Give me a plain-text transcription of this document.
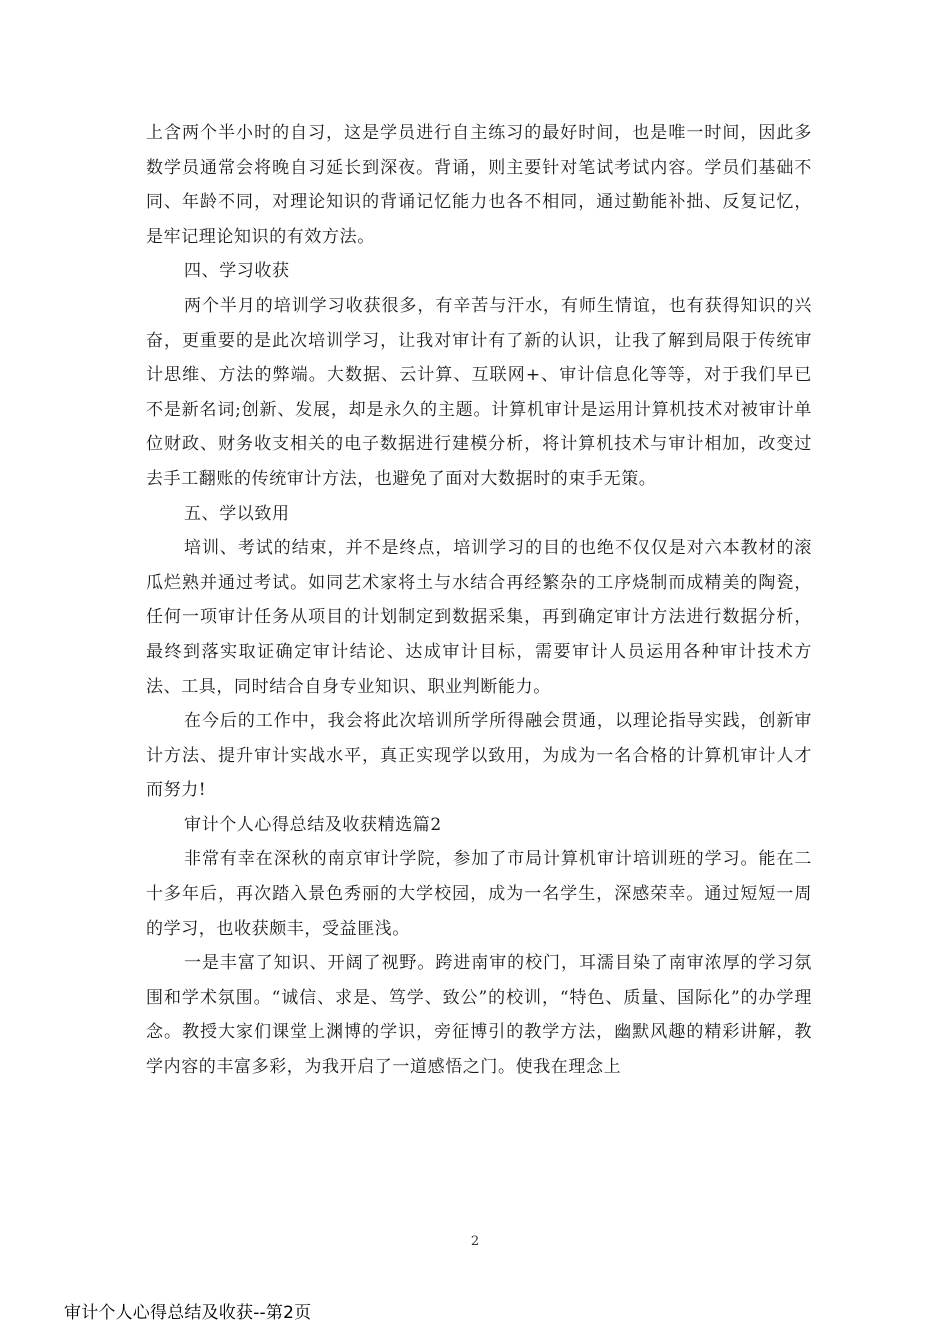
上含两个半小时的自习，这是学员进行自主练习的最好时间，也是唯一时间，因此多数学员通常会将晚自习延长到深夜。背诵，则主要针对笔试考试内容。学员们基础不同、年龄不同，对理论知识的背诵记忆能力也各不相同，通过勤能补拙、反复记忆，是牢记理论知识的有效方法。

四、学习收获

两个半月的培训学习收获很多，有辛苦与汗水，有师生情谊，也有获得知识的兴奋，更重要的是此次培训学习，让我对审计有了新的认识，让我了解到局限于传统审计思维、方法的弊端。大数据、云计算、互联网+、审计信息化等等，对于我们早已不是新名词;创新、发展，却是永久的主题。计算机审计是运用计算机技术对被审计单位财政、财务收支相关的电子数据进行建模分析，将计算机技术与审计相加，改变过去手工翻账的传统审计方法，也避免了面对大数据时的束手无策。

五、学以致用

培训、考试的结束，并不是终点，培训学习的目的也绝不仅仅是对六本教材的滚瓜烂熟并通过考试。如同艺术家将土与水结合再经繁杂的工序烧制而成精美的陶瓷，任何一项审计任务从项目的计划制定到数据采集，再到确定审计方法进行数据分析，最终到落实取证确定审计结论、达成审计目标，需要审计人员运用各种审计技术方法、工具，同时结合自身专业知识、职业判断能力。

在今后的工作中，我会将此次培训所学所得融会贯通，以理论指导实践，创新审计方法、提升审计实战水平，真正实现学以致用，为成为一名合格的计算机审计人才而努力!

审计个人心得总结及收获精选篇2

非常有幸在深秋的南京审计学院，参加了市局计算机审计培训班的学习。能在二十多年后，再次踏入景色秀丽的大学校园，成为一名学生，深感荣幸。通过短短一周的学习，也收获颇丰，受益匪浅。

一是丰富了知识、开阔了视野。跨进南审的校门，耳濡目染了南审浓厚的学习氛围和学术氛围。“诚信、求是、笃学、致公”的校训，“特色、质量、国际化”的办学理念。教授大家们课堂上渊博的学识，旁征博引的教学方法，幽默风趣的精彩讲解，教学内容的丰富多彩，为我开启了一道感悟之门。使我在理念上

2
审计个人心得总结及收获--第2页
